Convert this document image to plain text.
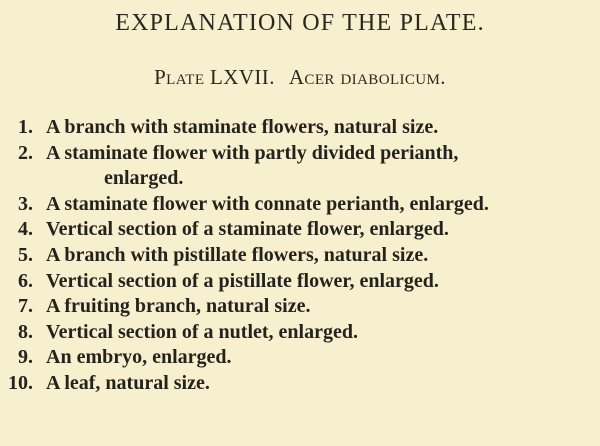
EXPLANATION OF THE PLATE.
Plate LXVII. Acer diabolicum.
1. A branch with staminate flowers, natural size.
2. A staminate flower with partly divided perianth,
enlarged.
3. A staminate flower with connate perianth, enlarged.
4. Vertical section of a staminate flower, enlarged.
5. A branch with pistillate flowers, natural size.
6. Vertical section of a pistillate flower, enlarged.
7. A fruiting branch, natural size.
8. Vertical section of a nutlet, enlarged.
9. An embryo, enlarged.
10. A leaf, natural size.
